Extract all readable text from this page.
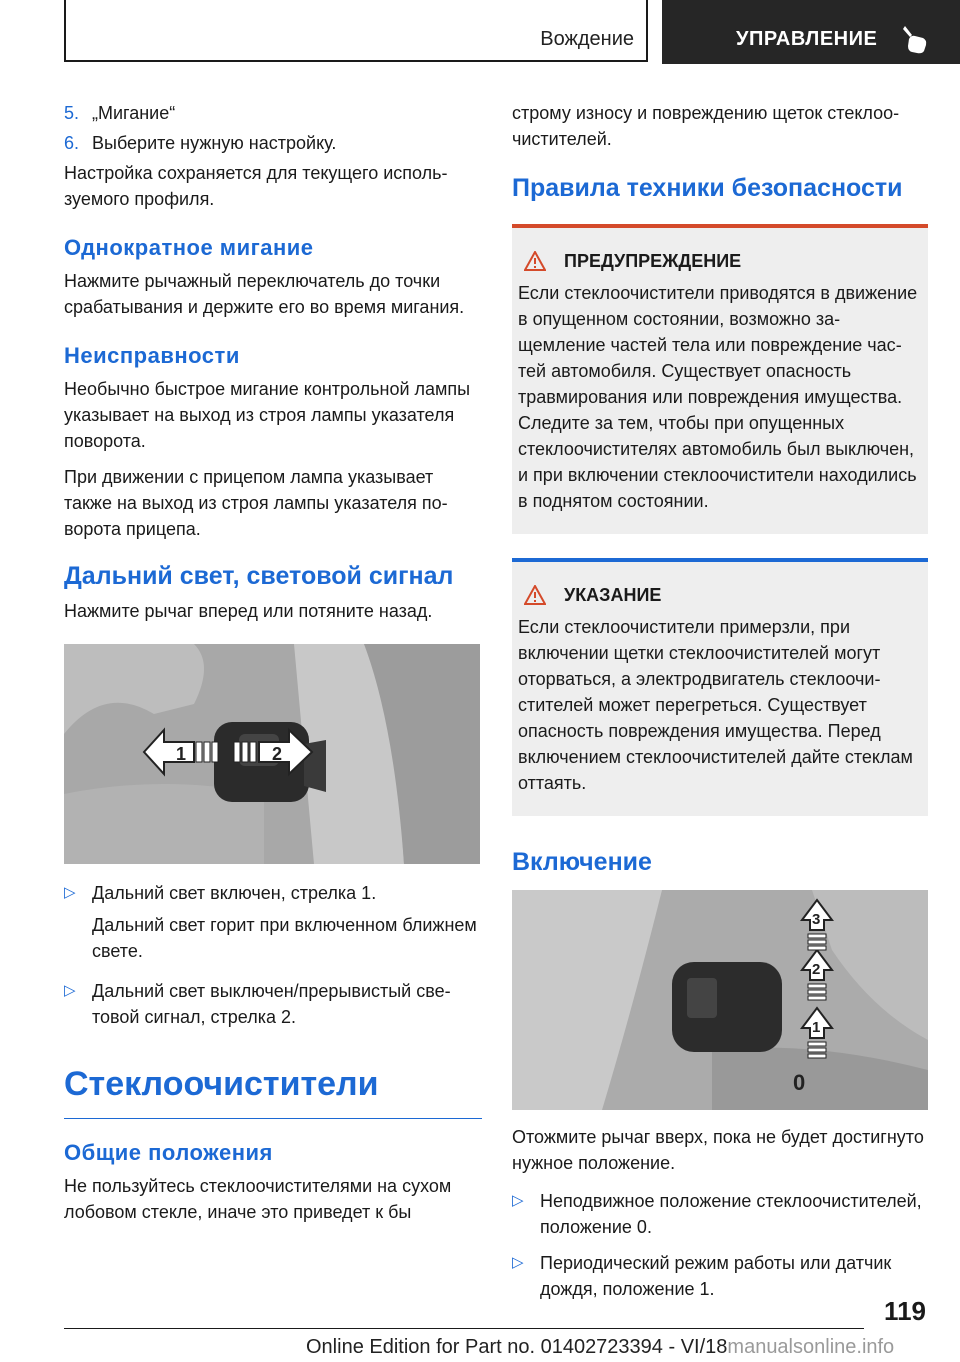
Вождение	УПРАВЛЕНИЕ
5. „Мигание“
6. Выберите нужную настройку.

Настройка сохраняется для текущего используемого профиля.

Однократное мигание

Нажмите рычажный переключатель до точки срабатывания и держите его во время мигания.

Неисправности

Необычно быстрое мигание контрольной лампы указывает на выход из строя лампы указателя поворота.

При движении с прицепом лампа указывает также на выход из строя лампы указателя поворота прицепа.

Дальний свет, световой сигнал

Нажмите рычаг вперед или потяните назад.

1	2
▷ Дальний свет включен, стрелка 1.

Дальний свет горит при включенном ближнем свете.

▷ Дальний свет выключен/прерывистый световой сигнал, стрелка 2.
Стеклоочистители
Общие положения

Не пользуйтесь стеклоочистителями на сухом лобовом стекле, иначе это приведет к бы

строму износу и повреждению щеток стеклоочистителей.

Правила техники безопасности
ПРЕДУПРЕЖДЕНИЕ

Если стеклоочистители приводятся в движение в опущенном состоянии, возможно защемление частей тела или повреждение частей автомобиля. Существует опасность травмирования или повреждения имущества. Следите за тем, чтобы при опущенных стеклоочистителях автомобиль был выключен, и при включении стеклоочистители находились в поднятом состоянии.

УКАЗАНИЕ

Если стеклоочистители примерзли, при включении щетки стеклоочистителей могут оторваться, а электродвигатель стеклоочистителей может перегреться. Существует опасность повреждения имущества. Перед включением стеклоочистителей дайте стеклам оттаять.

Включение
3
2
1
0

Отожмите рычаг вверх, пока не будет достигнуто нужное положение.

▷ Неподвижное положение стеклоочистителей, положение 0.
▷ Периодический режим работы или датчик дождя, положение 1.
119
Online Edition for Part no. 01402723394 - VI/18manualsonline.info
